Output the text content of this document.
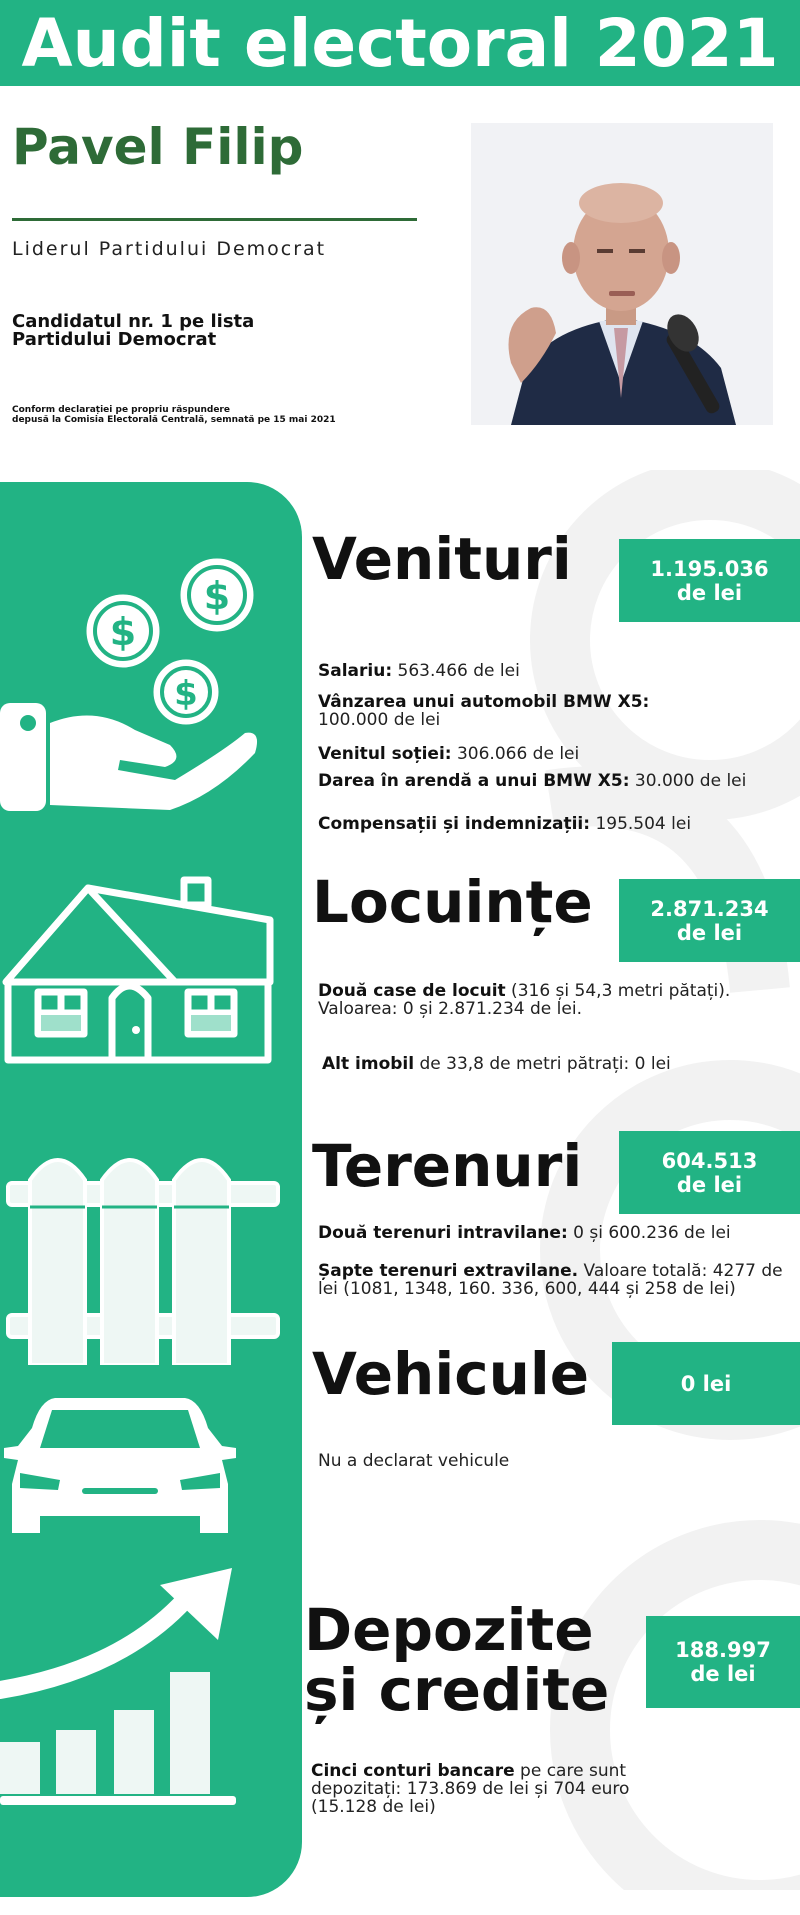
Audit electoral 2021
Pavel Filip
Liderul Partidului Democrat
Candidatul nr. 1 pe lista
Partidului Democrat
Conform declarației pe propriu răspundere
depusă la Comisia Electorală Centrală, semnată pe 15 mai 2021
$
$
$
Venituri	1.195.036
de lei
Salariu: 563.466 de lei
Vânzarea unui automobil BMW X5:
100.000 de lei
Venitul soției: 306.066 de lei
Darea în arendă a unui BMW X5: 30.000 de lei
Compensații și indemnizații: 195.504 lei
Locuințe	2.871.234
de lei
Două case de locuit (316 și 54,3 metri pătați). Valoarea: 0 și 2.871.234 de lei.
Alt imobil de 33,8 de metri pătrați: 0 lei
Terenuri	604.513
de lei
Două terenuri intravilane: 0 și 600.236 de lei
Șapte terenuri extravilane. Valoare totală: 4277 de lei (1081, 1348, 160. 336, 600, 444 și 258 de lei)
Vehicule	0 lei
Nu a declarat vehicule
Depozite
și credite
188.997
de lei
Cinci conturi bancare pe care sunt depozitați: 173.869 de lei și 704 euro (15.128 de lei)
